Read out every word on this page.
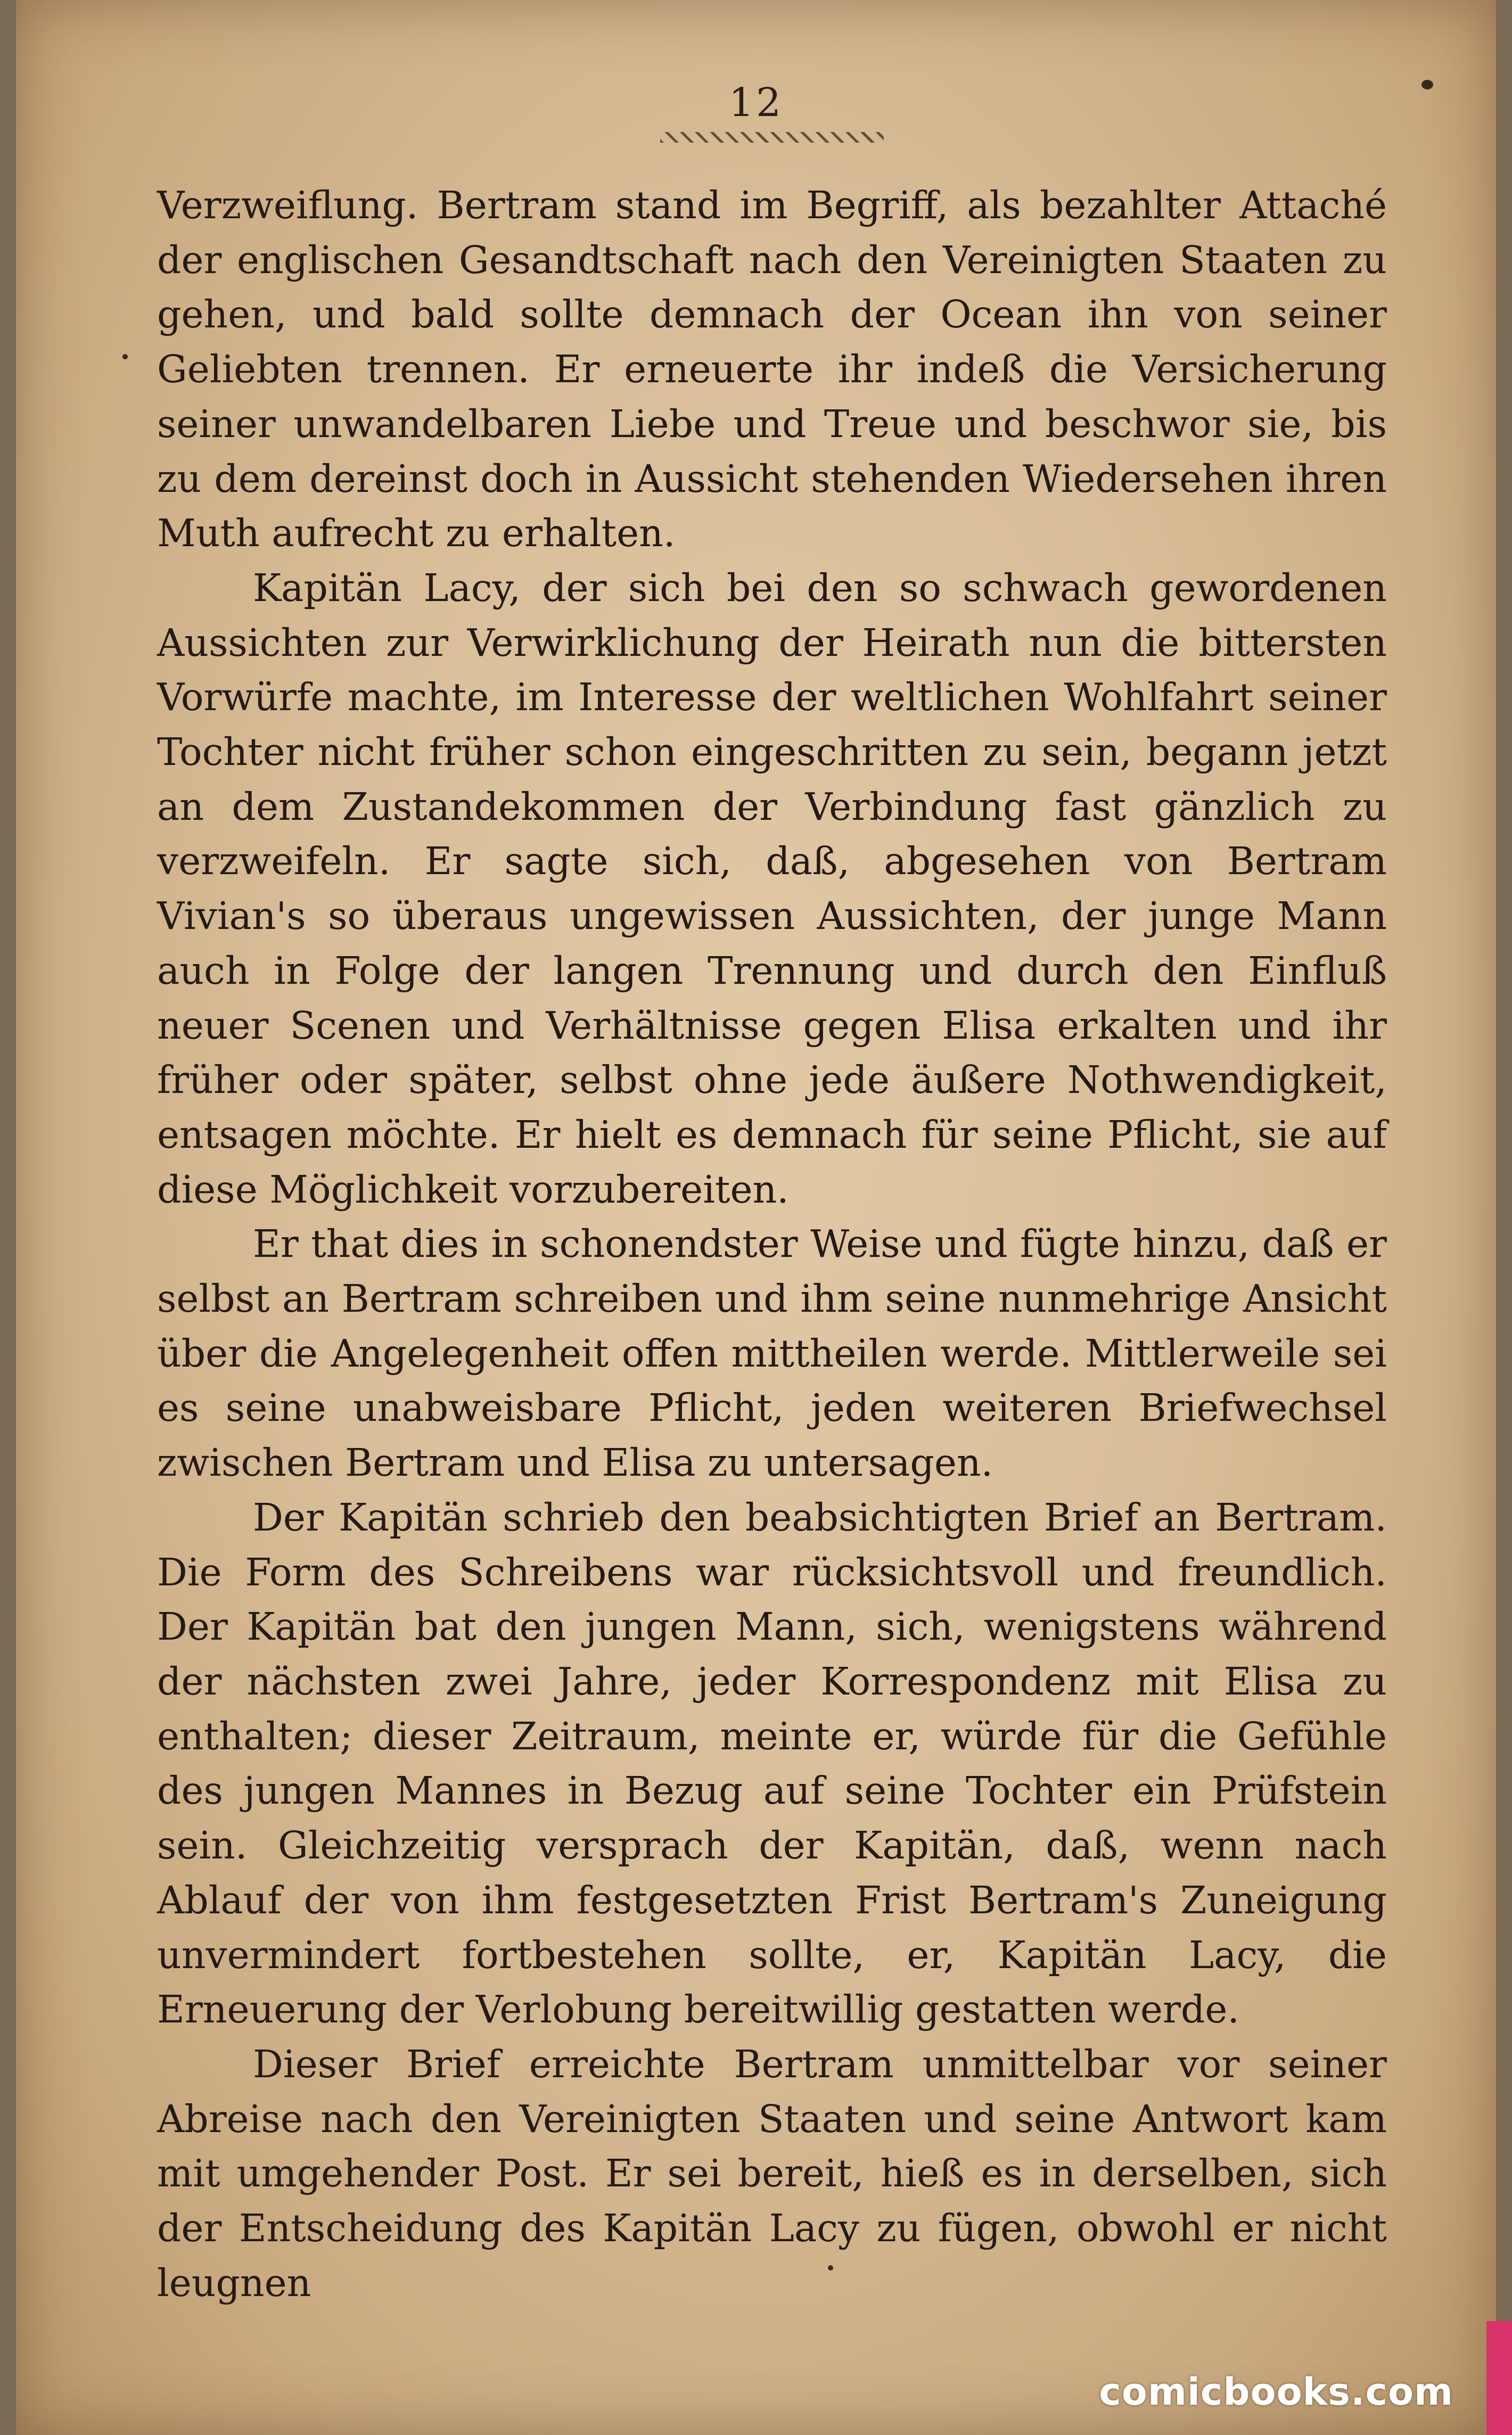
12

Verzweiflung. Bertram stand im Begriff, als bezahlter Attaché der englischen Gesandtschaft nach den Vereinigten Staaten zu gehen, und bald sollte demnach der Ocean ihn von seiner Geliebten trennen. Er erneuerte ihr indeß die Versicherung seiner unwandelbaren Liebe und Treue und beschwor sie, bis zu dem dereinst doch in Aussicht stehenden Wiedersehen ihren Muth aufrecht zu erhalten.

Kapitän Lacy, der sich bei den so schwach gewordenen Aussichten zur Verwirklichung der Heirath nun die bittersten Vorwürfe machte, im Interesse der weltlichen Wohlfahrt seiner Tochter nicht früher schon eingeschritten zu sein, begann jetzt an dem Zustandekommen der Verbindung fast gänzlich zu verzweifeln. Er sagte sich, daß, abgesehen von Bertram Vivian's so überaus ungewissen Aussichten, der junge Mann auch in Folge der langen Trennung und durch den Einfluß neuer Scenen und Verhältnisse gegen Elisa erkalten und ihr früher oder später, selbst ohne jede äußere Nothwendigkeit, entsagen möchte. Er hielt es demnach für seine Pflicht, sie auf diese Möglichkeit vorzubereiten.

Er that dies in schonendster Weise und fügte hinzu, daß er selbst an Bertram schreiben und ihm seine nunmehrige Ansicht über die Angelegenheit offen mittheilen werde. Mittlerweile sei es seine unabweisbare Pflicht, jeden weiteren Briefwechsel zwischen Bertram und Elisa zu untersagen.

Der Kapitän schrieb den beabsichtigten Brief an Bertram. Die Form des Schreibens war rücksichtsvoll und freundlich. Der Kapitän bat den jungen Mann, sich, wenigstens während der nächsten zwei Jahre, jeder Korrespondenz mit Elisa zu enthalten; dieser Zeitraum, meinte er, würde für die Gefühle des jungen Mannes in Bezug auf seine Tochter ein Prüfstein sein. Gleichzeitig versprach der Kapitän, daß, wenn nach Ablauf der von ihm festgesetzten Frist Bertram's Zuneigung unvermindert fortbestehen sollte, er, Kapitän Lacy, die Erneuerung der Verlobung bereitwillig gestatten werde.

Dieser Brief erreichte Bertram unmittelbar vor seiner Abreise nach den Vereinigten Staaten und seine Antwort kam mit umgehender Post. Er sei bereit, hieß es in derselben, sich der Entscheidung des Kapitän Lacy zu fügen, obwohl er nicht leugnen

comicbooks.com
